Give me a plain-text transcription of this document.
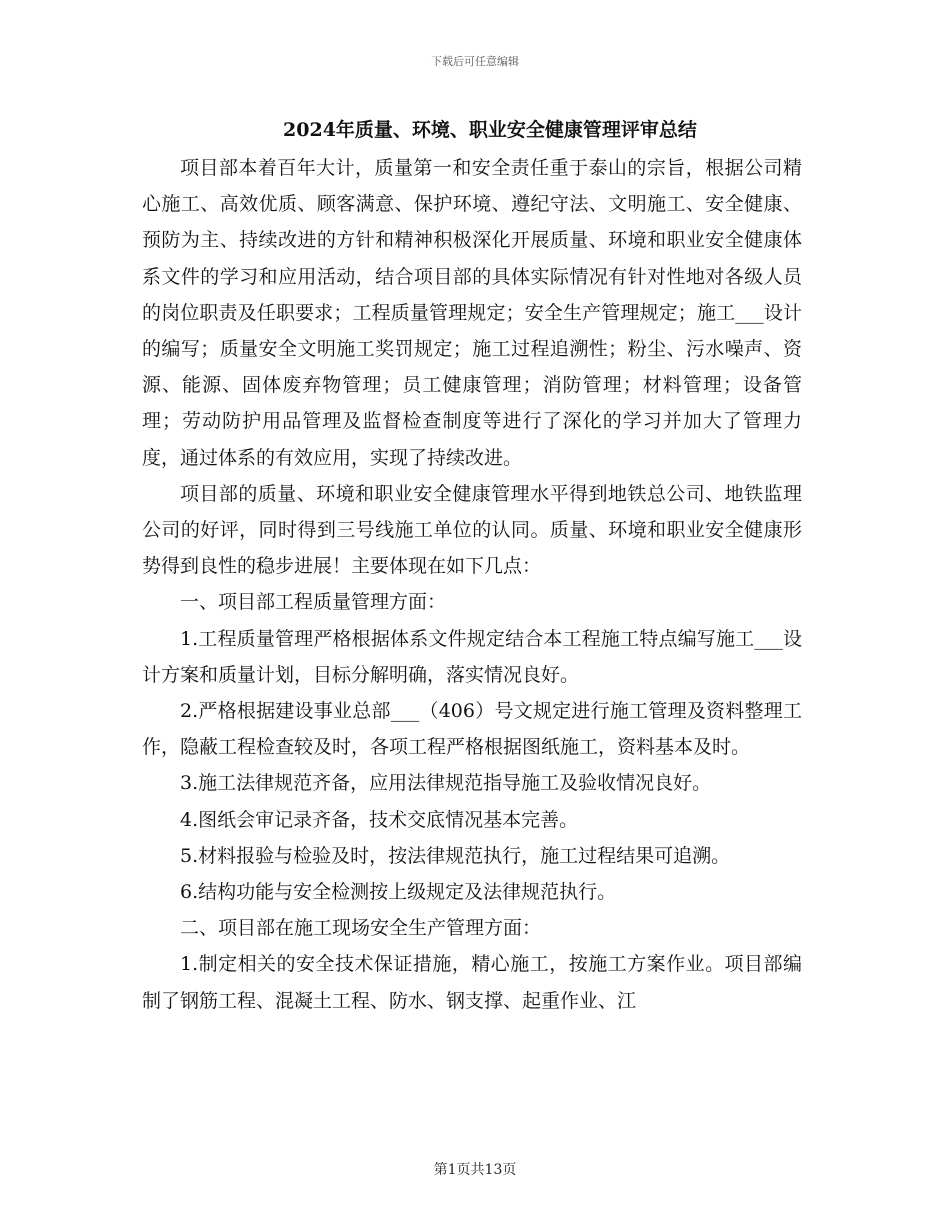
下载后可任意编辑
2024年质量、环境、职业安全健康管理评审总结

项目部本着百年大计，质量第一和安全责任重于泰山的宗旨，根据公司精心施工、高效优质、顾客满意、保护环境、遵纪守法、文明施工、安全健康、预防为主、持续改进的方针和精神积极深化开展质量、环境和职业安全健康体系文件的学习和应用活动，结合项目部的具体实际情况有针对性地对各级人员的岗位职责及任职要求；工程质量管理规定；安全生产管理规定；施工___设计的编写；质量安全文明施工奖罚规定；施工过程追溯性；粉尘、污水噪声、资源、能源、固体废弃物管理；员工健康管理；消防管理；材料管理；设备管理；劳动防护用品管理及监督检查制度等进行了深化的学习并加大了管理力度，通过体系的有效应用，实现了持续改进。

项目部的质量、环境和职业安全健康管理水平得到地铁总公司、地铁监理公司的好评，同时得到三号线施工单位的认同。质量、环境和职业安全健康形势得到良性的稳步进展！主要体现在如下几点：

一、项目部工程质量管理方面：

1.工程质量管理严格根据体系文件规定结合本工程施工特点编写施工___设计方案和质量计划，目标分解明确，落实情况良好。

2.严格根据建设事业总部___（406）号文规定进行施工管理及资料整理工作，隐蔽工程检查较及时，各项工程严格根据图纸施工，资料基本及时。

3.施工法律规范齐备，应用法律规范指导施工及验收情况良好。

4.图纸会审记录齐备，技术交底情况基本完善。

5.材料报验与检验及时，按法律规范执行，施工过程结果可追溯。

6.结构功能与安全检测按上级规定及法律规范执行。

二、项目部在施工现场安全生产管理方面：

1.制定相关的安全技术保证措施，精心施工，按施工方案作业。项目部编制了钢筋工程、混凝土工程、防水、钢支撑、起重作业、江

第1页共13页
